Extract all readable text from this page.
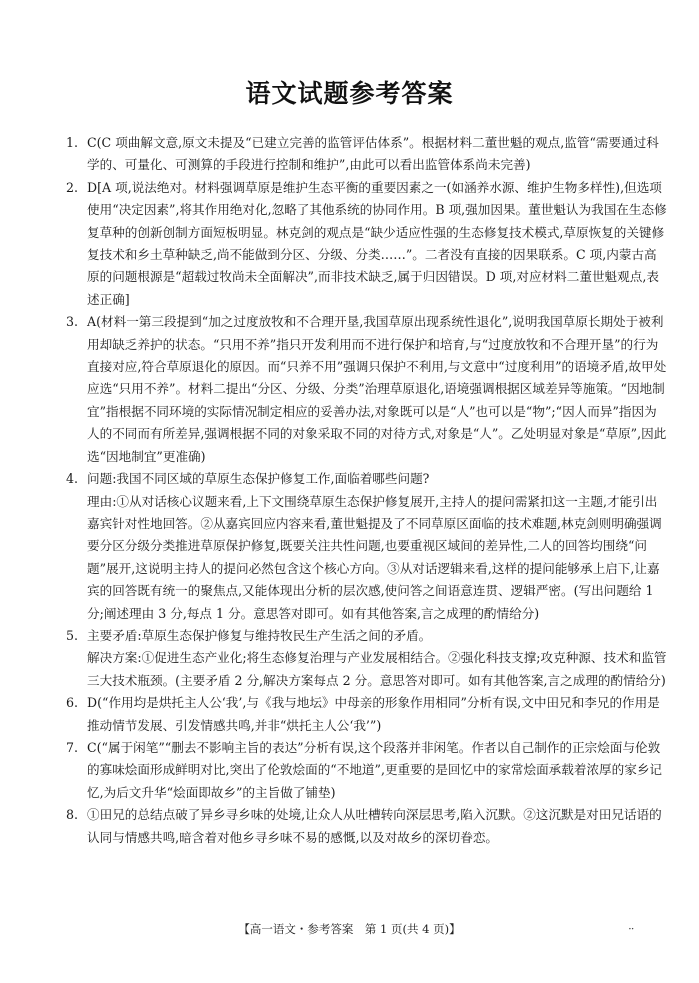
语文试题参考答案
1. C(C 项曲解文意,原文未提及“已建立完善的监管评估体系”。根据材料二董世魁的观点,监管“需要通过科学的、可量化、可测算的手段进行控制和维护”,由此可以看出监管体系尚未完善)
2. D[A 项,说法绝对。材料强调草原是维护生态平衡的重要因素之一(如涵养水源、维护生物多样性),但选项使用“决定因素”,将其作用绝对化,忽略了其他系统的协同作用。B 项,强加因果。董世魁认为我国在生态修复草种的创新创制方面短板明显。林克剑的观点是“缺少适应性强的生态修复技术模式,草原恢复的关键修复技术和乡土草种缺乏,尚不能做到分区、分级、分类……”。二者没有直接的因果联系。C 项,内蒙古高原的问题根源是“超载过牧尚未全面解决”,而非技术缺乏,属于归因错误。D 项,对应材料二董世魁观点,表述正确]
3. A(材料一第三段提到“加之过度放牧和不合理开垦,我国草原出现系统性退化”,说明我国草原长期处于被利用却缺乏养护的状态。“只用不养”指只开发利用而不进行保护和培育,与“过度放牧和不合理开垦”的行为直接对应,符合草原退化的原因。而“只养不用”强调只保护不利用,与文意中“过度利用”的语境矛盾,故甲处应选“只用不养”。材料二提出“分区、分级、分类”治理草原退化,语境强调根据区域差异等施策。“因地制宜”指根据不同环境的实际情况制定相应的妥善办法,对象既可以是“人”也可以是“物”;“因人而异”指因为人的不同而有所差异,强调根据不同的对象采取不同的对待方式,对象是“人”。乙处明显对象是“草原”,因此选“因地制宜”更准确)
4. 问题:我国不同区域的草原生态保护修复工作,面临着哪些问题?
理由:①从对话核心议题来看,上下文围绕草原生态保护修复展开,主持人的提问需紧扣这一主题,才能引出嘉宾针对性地回答。②从嘉宾回应内容来看,董世魁提及了不同草原区面临的技术难题,林克剑则明确强调要分区分级分类推进草原保护修复,既要关注共性问题,也要重视区域间的差异性,二人的回答均围绕“问题”展开,这说明主持人的提问必然包含这个核心方向。③从对话逻辑来看,这样的提问能够承上启下,让嘉宾的回答既有统一的聚焦点,又能体现出分析的层次感,使问答之间语意连贯、逻辑严密。(写出问题给 1 分;阐述理由 3 分,每点 1 分。意思答对即可。如有其他答案,言之成理的酌情给分)
5. 主要矛盾:草原生态保护修复与维持牧民生产生活之间的矛盾。
解决方案:①促进生态产业化;将生态修复治理与产业发展相结合。②强化科技支撑;攻克种源、技术和监管三大技术瓶颈。(主要矛盾 2 分,解决方案每点 2 分。意思答对即可。如有其他答案,言之成理的酌情给分)
6. D(“作用均是烘托主人公‘我’,与《我与地坛》中母亲的形象作用相同”分析有误,文中田兄和李兄的作用是推动情节发展、引发情感共鸣,并非“烘托主人公‘我’”)
7. C(“属于闲笔”“删去不影响主旨的表达”分析有误,这个段落并非闲笔。作者以自己制作的正宗烩面与伦敦的寡味烩面形成鲜明对比,突出了伦敦烩面的“不地道”,更重要的是回忆中的家常烩面承载着浓厚的家乡记忆,为后文升华“烩面即故乡”的主旨做了铺垫)
8. ①田兄的总结点破了异乡寻乡味的处境,让众人从吐槽转向深层思考,陷入沉默。②这沉默是对田兄话语的认同与情感共鸣,暗含着对他乡寻乡味不易的感慨,以及对故乡的深切眷恋。
【高一语文・参考答案　第 1 页(共 4 页)】	⠤
